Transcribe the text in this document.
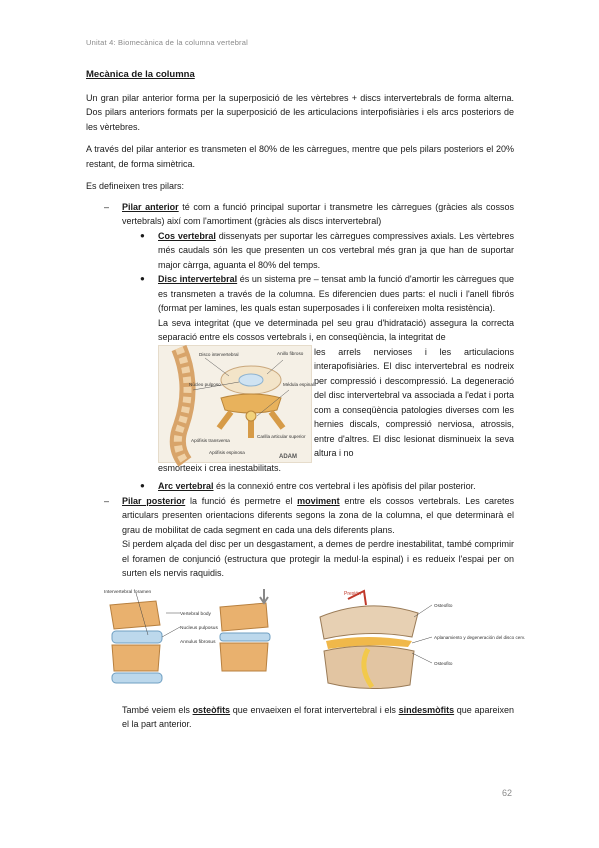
Unitat 4: Biomecànica de la columna vertebral
Mecànica de la columna

Un gran pilar anterior forma per la superposició de les vèrtebres + discs intervertebrals de forma alterna. Dos pilars anteriors formats per la superposició de les articulacions interpofisiàries i els arcs posteriors de les vèrtebres.

A través del pilar anterior es transmeten el 80% de les càrregues, mentre que pels pilars posteriors el 20% restant, de forma simètrica.

Es defineixen tres pilars:

– Pilar anterior té com a funció principal suportar i transmetre les càrregues (gràcies als cossos vertebrals) així com l'amortiment (gràcies als discs intervertebral)
● Cos vertebral dissenyats per suportar les càrregues compressives axials. Les vèrtebres més caudals són les que presenten un cos vertebral més gran ja que han de suportar major càrrga, aguanta el 80% del temps.
● Disc intervertebral és un sistema pre – tensat amb la funció d'amortir les càrregues que es transmeten a través de la columna. Es diferencien dues parts: el nucli i l'anell fibrós (format per lamines, les quals estan superposades i li confereixen molta resistència).

La seva integritat (que ve determinada pel seu grau d'hidratació) assegura la correcta separació entre els cossos vertebrals i, en conseqüència, la integritat de

Disco intervertebral	Anillo fibroso
Núcleo pulposo	Médula espinal
Apófisis transversa
Carilla articular superior
Apófisis espinosa
ADAM
les arrels nervioses i les articulacions interapofisiàries. El disc intervertebral es nodreix per compressió i descompressió. La degeneració del disc intervertebral va associada a l'edat i porta com a conseqüència patologies diverses com les hernies discals, compressió nerviosa, atrossis, entre d'altres. El disc lesionat disminueix la seva altura i no

esmorteeix i crea inestabilitats.

● Arc vertebral és la connexió entre cos vertebral i les apòfisis del pilar posterior.
– Pilar posterior la funció és permetre el moviment entre els cossos vertebrals. Les caretes articulars presenten orientacions diferents segons la zona de la columna, el que determinarà el grau de mobilitat de cada segment en cada una dels diferents plans.

Si perdem alçada del disc per un desgastament, a demes de perdre inestabilitat, també comprimir el foramen de conjunció (estructura que protegir la medul·la espinal) i es redueix l'espai per on surten els nervis raquidis.

Intervertebral foramen
Vertebral body
Nucleus pulposus
Annulus fibrosus
Presión
Osteofito
Aplanamiento y degeneración del disco cerv.
Osteofito

També veiem els osteòfits que envaeixen el forat intervertebral i els sindesmòfits que apareixen el la part anterior.

62
